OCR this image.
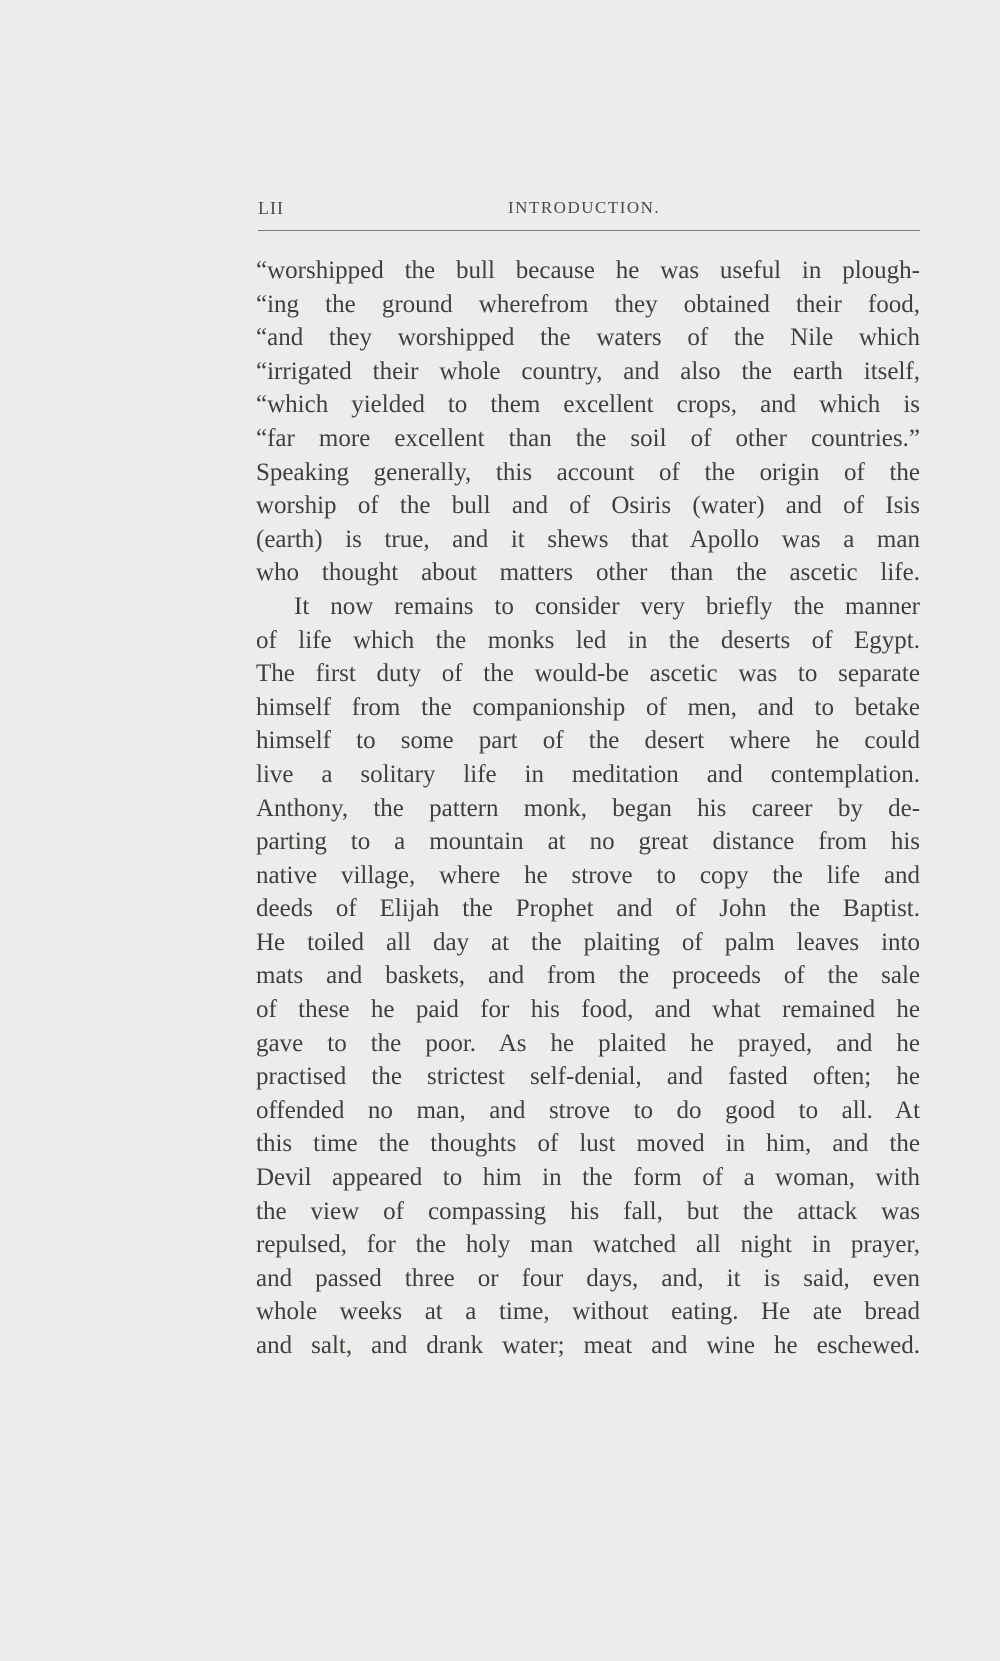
LII	INTRODUCTION.
“worshipped the bull because he was useful in plough-
“ing the ground wherefrom they obtained their food,
“and they worshipped the waters of the Nile which
“irrigated their whole country, and also the earth itself,
“which yielded to them excellent crops, and which is
“far more excellent than the soil of other countries.”
Speaking generally, this account of the origin of the
worship of the bull and of Osiris (water) and of Isis
(earth) is true, and it shews that Apollo was a man
who thought about matters other than the ascetic life.
It now remains to consider very briefly the manner
of life which the monks led in the deserts of Egypt.
The first duty of the would-be ascetic was to separate
himself from the companionship of men, and to betake
himself to some part of the desert where he could
live a solitary life in meditation and contemplation.
Anthony, the pattern monk, began his career by de-
parting to a mountain at no great distance from his
native village, where he strove to copy the life and
deeds of Elijah the Prophet and of John the Baptist.
He toiled all day at the plaiting of palm leaves into
mats and baskets, and from the proceeds of the sale
of these he paid for his food, and what remained he
gave to the poor. As he plaited he prayed, and he
practised the strictest self-denial, and fasted often; he
offended no man, and strove to do good to all. At
this time the thoughts of lust moved in him, and the
Devil appeared to him in the form of a woman, with
the view of compassing his fall, but the attack was
repulsed, for the holy man watched all night in prayer,
and passed three or four days, and, it is said, even
whole weeks at a time, without eating. He ate bread
and salt, and drank water; meat and wine he eschewed.
